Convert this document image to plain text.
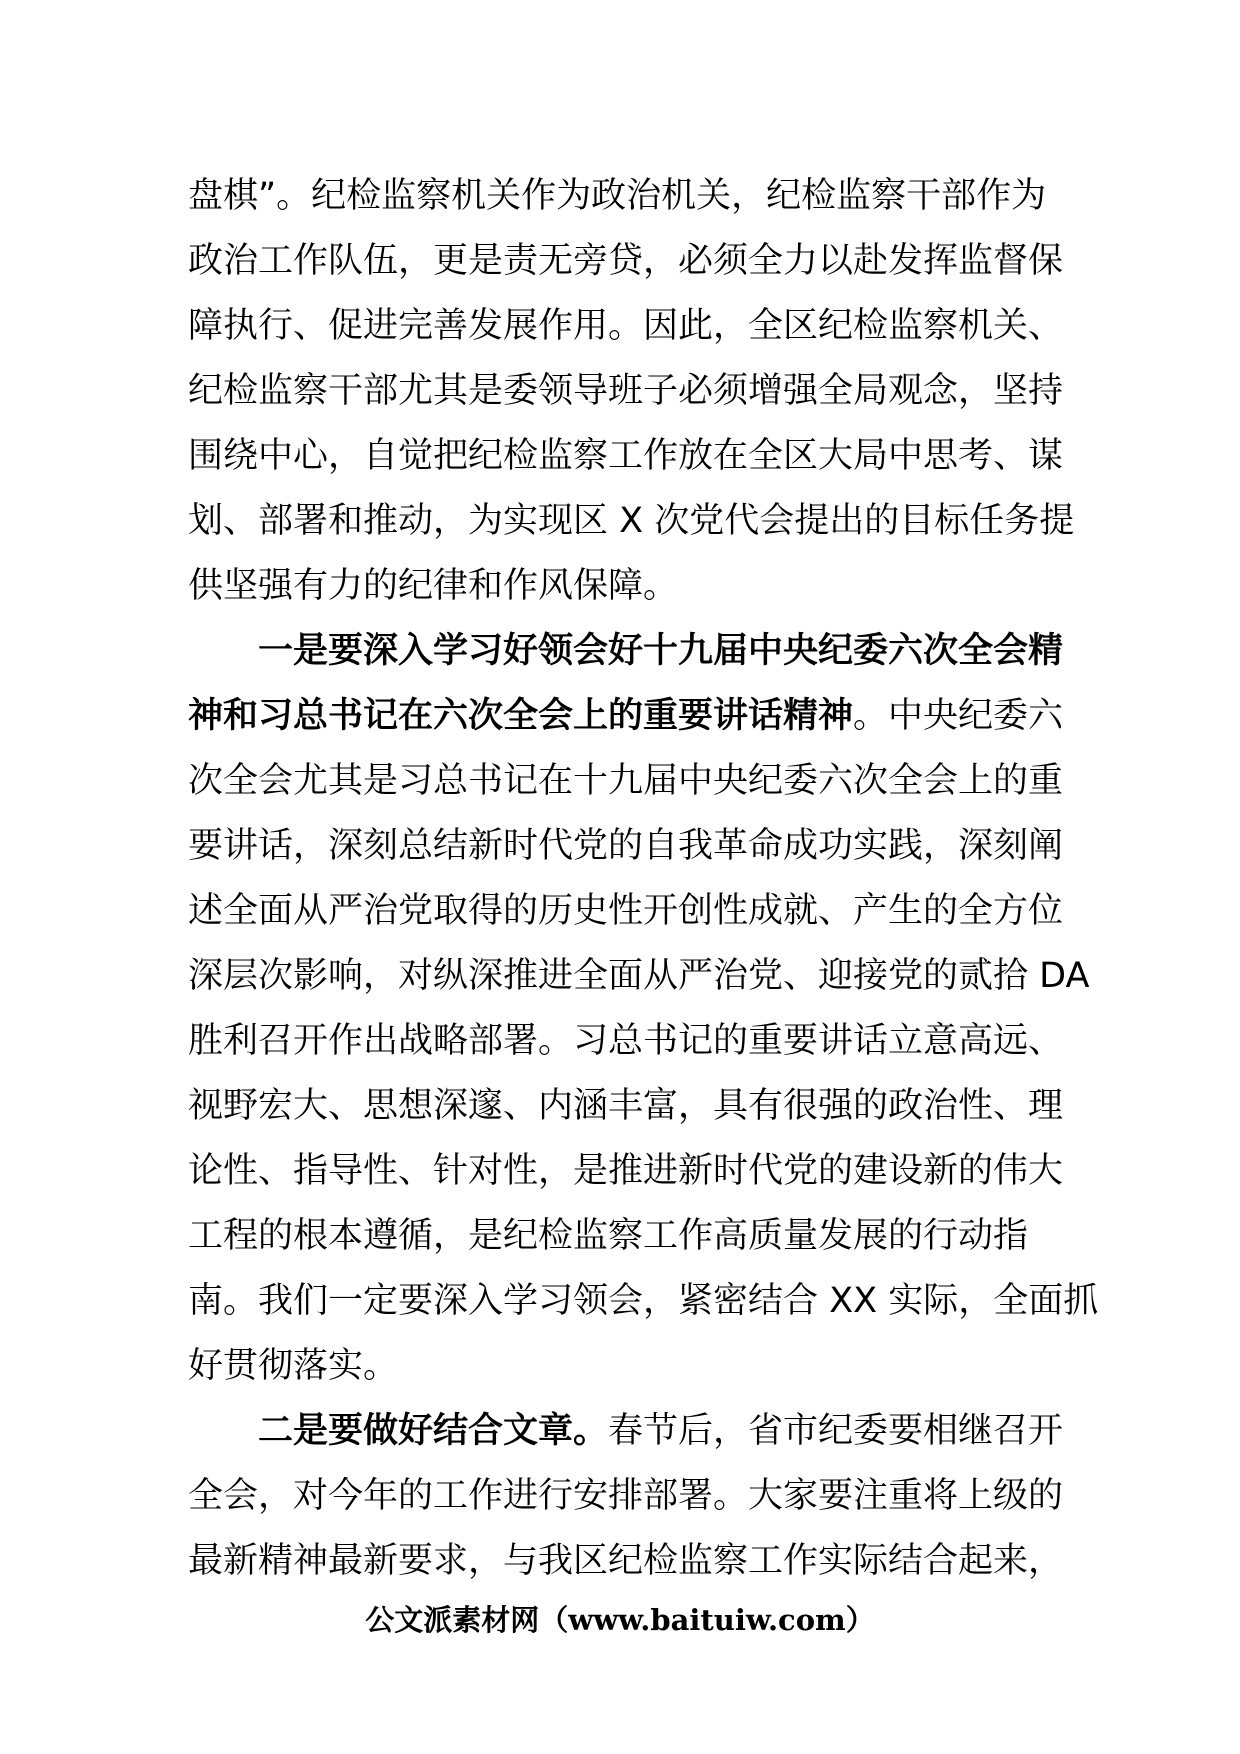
盘棋”。纪检监察机关作为政治机关，纪检监察干部作为
政治工作队伍，更是责无旁贷，必须全力以赴发挥监督保
障执行、促进完善发展作用。因此，全区纪检监察机关、
纪检监察干部尤其是委领导班子必须增强全局观念，坚持
围绕中心，自觉把纪检监察工作放在全区大局中思考、谋
划、部署和推动，为实现区 X 次党代会提出的目标任务提
供坚强有力的纪律和作风保障。
一是要深入学习好领会好十九届中央纪委六次全会精
神和习总书记在六次全会上的重要讲话精神。中央纪委六
次全会尤其是习总书记在十九届中央纪委六次全会上的重
要讲话，深刻总结新时代党的自我革命成功实践，深刻阐
述全面从严治党取得的历史性开创性成就、产生的全方位
深层次影响，对纵深推进全面从严治党、迎接党的贰拾 DA
胜利召开作出战略部署。习总书记的重要讲话立意高远、
视野宏大、思想深邃、内涵丰富，具有很强的政治性、理
论性、指导性、针对性，是推进新时代党的建设新的伟大
工程的根本遵循，是纪检监察工作高质量发展的行动指
南。我们一定要深入学习领会，紧密结合 XX 实际，全面抓
好贯彻落实。
二是要做好结合文章。春节后，省市纪委要相继召开
全会，对今年的工作进行安排部署。大家要注重将上级的
最新精神最新要求，与我区纪检监察工作实际结合起来，
公文派素材网（www.baituiw.com）
